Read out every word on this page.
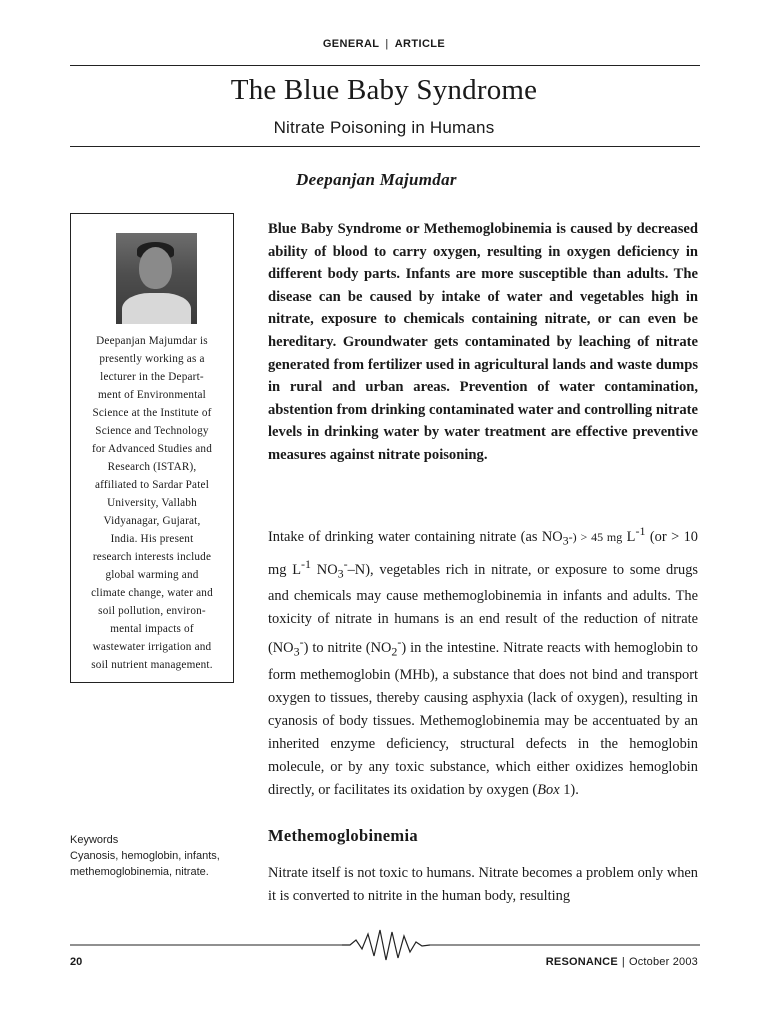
GENERAL | ARTICLE
The Blue Baby Syndrome
Nitrate Poisoning in Humans
Deepanjan Majumdar
Deepanjan Majumdar is
presently working as a
lecturer in the Depart-
ment of Environmental
Science at the Institute of
Science and Technology
for Advanced Studies and
Research (ISTAR),
affiliated to Sardar Patel
University, Vallabh
Vidyanagar, Gujarat,
India. His present
research interests include
global warming and
climate change, water and
soil pollution, environ-
mental impacts of
wastewater irrigation and
soil nutrient management.
Blue Baby Syndrome or Methemoglobinemia is caused by decreased ability of blood to carry oxygen, resulting in oxygen deficiency in different body parts. Infants are more susceptible than adults. The disease can be caused by intake of water and vegetables high in nitrate, exposure to chemicals containing nitrate, or can even be hereditary. Groundwater gets contaminated by leaching of nitrate generated from fertilizer used in agricultural lands and waste dumps in rural and urban areas. Prevention of water contamination, abstention from drinking contaminated water and controlling nitrate levels in drinking water by water treatment are effective preventive measures against nitrate poisoning.
Intake of drinking water containing nitrate (as $NO_3-) > 45$ mg $L^{-1}$ (or > 10 mg $L^{-1}$ $NO_3^--N$), vegetables rich in nitrate, or exposure to some drugs and chemicals may cause methemoglobinemia in infants and adults. The toxicity of nitrate in humans is an end result of the reduction of nitrate $(NO_3^-)$ to nitrite $(NO_2^-)$ in the intestine. Nitrate reacts with hemoglobin to form methemoglobin (MHb), a substance that does not bind and transport oxygen to tissues, thereby causing asphyxia (lack of oxygen), resulting in cyanosis of body tissues. Methemoglobinemia may be accentuated by an inherited enzyme deficiency, structural defects in the hemoglobin molecule, or by any toxic substance, which either oxidizes hemoglobin directly, or facilitates its oxidation by oxygen (Box 1).
Methemoglobinemia
Nitrate itself is not toxic to humans. Nitrate becomes a problem only when it is converted to nitrite in the human body, resulting
Keywords
Cyanosis, hemoglobin, infants, methemoglobinemia, nitrate.
20	RESONANCE | October 2003
